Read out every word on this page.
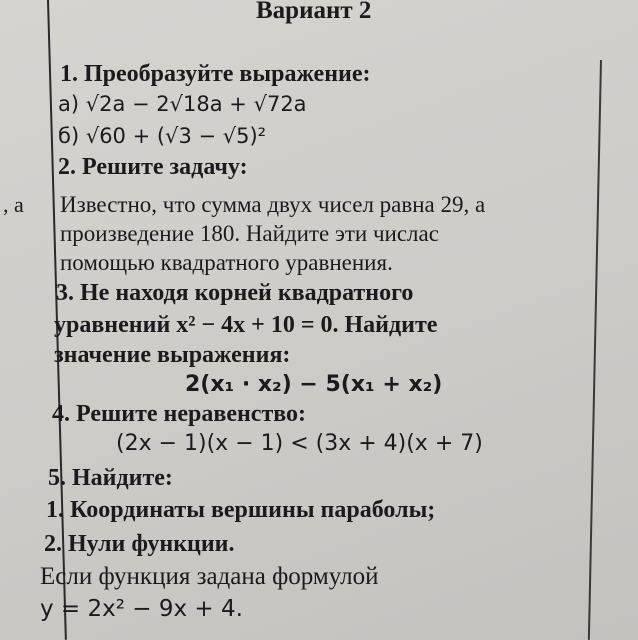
, а
Вариант 2
1. Преобразуйте выражение:
а) √2a − 2√18a + √72a
б) √60 + (√3 − √5)²
2. Решите задачу:
Известно, что сумма двух чисел равна 29, а
произведение 180. Найдите эти числас
помощью квадратного уравнения.
3. Не находя корней квадратного
уравнений x² − 4x + 10 = 0. Найдите
значение выражения:
2(x₁ · x₂) − 5(x₁ + x₂)
4. Решите неравенство:
(2x − 1)(x − 1) < (3x + 4)(x + 7)
5. Найдите:
1. Координаты вершины параболы;
2. Нули функции.
Если функция задана формулой
y = 2x² − 9x + 4.
